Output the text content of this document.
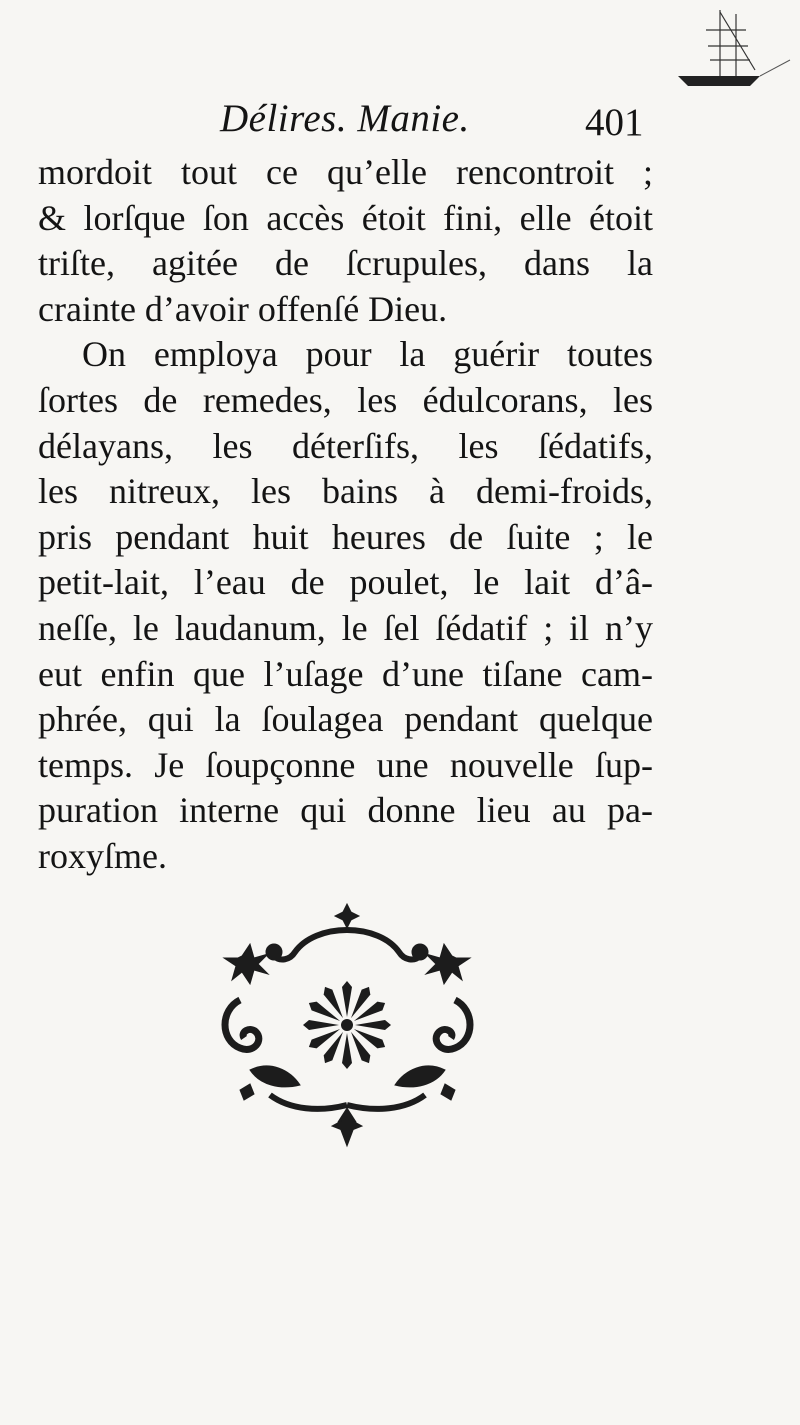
Délires. Manie.	401
mordoit tout ce qu’elle rencontroit ;
& lorſque ſon accès étoit fini, elle étoit
triſte, agitée de ſcrupules, dans la
crainte d’avoir offenſé Dieu.
On employa pour la guérir toutes
ſortes de remedes, les édulcorans, les
délayans, les déterſifs, les ſédatifs,
les nitreux, les bains à demi-froids,
pris pendant huit heures de ſuite ; le
petit-lait, l’eau de poulet, le lait d’â-
neſſe, le laudanum, le ſel ſédatif ; il n’y
eut enfin que l’uſage d’une tiſane cam-
phrée, qui la ſoulagea pendant quelque
temps. Je ſoupçonne une nouvelle ſup-
puration interne qui donne lieu au pa-
roxyſme.
